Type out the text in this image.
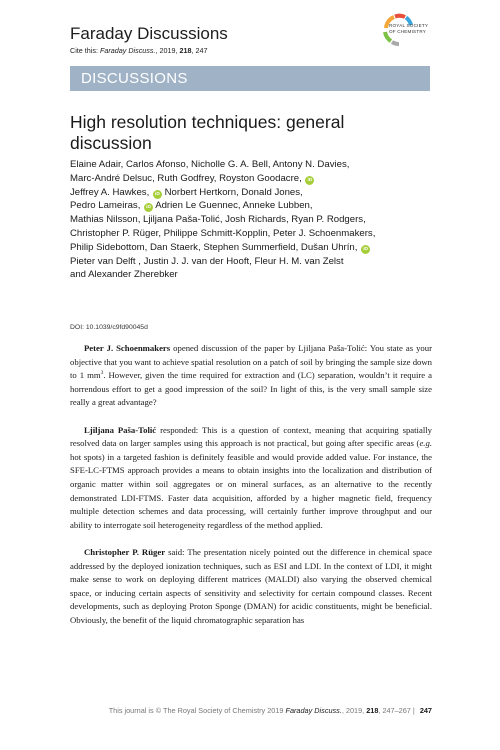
Faraday Discussions
Cite this: Faraday Discuss., 2019, 218, 247
ROYAL SOCIETY
OF CHEMISTRY
DISCUSSIONS
High resolution techniques: general discussion
Elaine Adair, Carlos Afonso, Nicholle G. A. Bell, Antony N. Davies,
Marc-André Delsuc, Ruth Godfrey, Royston Goodacre, iD
Jeffrey A. Hawkes, iD Norbert Hertkorn, Donald Jones,
Pedro Lameiras, iD Adrien Le Guennec, Anneke Lubben,
Mathias Nilsson, Ljiljana Paša-Tolić, Josh Richards, Ryan P. Rodgers,
Christopher P. Rüger, Philippe Schmitt-Kopplin, Peter J. Schoenmakers,
Philip Sidebottom, Dan Staerk, Stephen Summerfield, Dušan Uhrín, iD
Pieter van Delft , Justin J. J. van der Hooft, Fleur H. M. van Zelst
and Alexander Zherebker
DOI: 10.1039/c9fd90045d

Peter J. Schoenmakers opened discussion of the paper by Ljiljana Paša-Tolić: You state as your objective that you want to achieve spatial resolution on a patch of soil by bringing the sample size down to 1 $mm^3$. However, given the time required for extraction and (LC) separation, wouldn’t it require a horrendous effort to get a good impression of the soil? In light of this, is the very small sample size really a great advantage?

Ljiljana Paša-Tolić responded: This is a question of context, meaning that acquiring spatially resolved data on larger samples using this approach is not practical, but going after specific areas (e.g. hot spots) in a targeted fashion is definitely feasible and would provide added value. For instance, the SFE-LC-FTMS approach provides a means to obtain insights into the localization and distribution of organic matter within soil aggregates or on mineral surfaces, as an alternative to the recently demonstrated LDI-FTMS. Faster data acquisition, afforded by a higher magnetic field, frequency multiple detection schemes and data processing, will certainly further improve throughput and our ability to interrogate soil heterogeneity regardless of the method applied.

Christopher P. Rüger said: The presentation nicely pointed out the difference in chemical space addressed by the deployed ionization techniques, such as ESI and LDI. In the context of LDI, it might make sense to work on deploying different matrices (MALDI) also varying the observed chemical space, or inducing certain aspects of sensitivity and selectivity for certain compound classes. Recent developments, such as deploying Proton Sponge (DMAN) for acidic constituents, might be beneficial. Obviously, the benefit of the liquid chromatographic separation has

This journal is © The Royal Society of Chemistry 2019 Faraday Discuss., 2019, 218, 247–267 | 247
